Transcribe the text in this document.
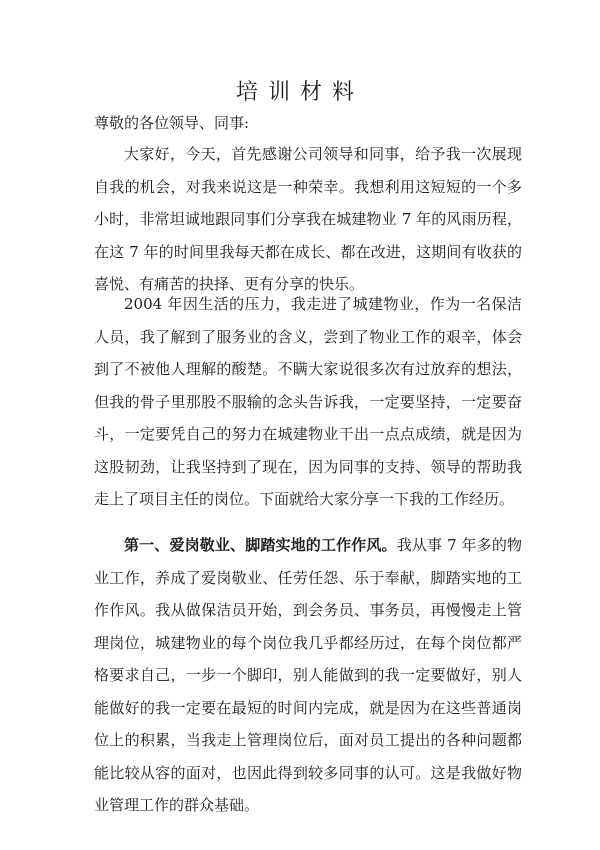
培训材料

尊敬的各位领导、同事:

大家好，今天，首先感谢公司领导和同事，给予我一次展现自我的机会，对我来说这是一种荣幸。我想利用这短短的一个多小时，非常坦诚地跟同事们分享我在城建物业 7 年的风雨历程，在这 7 年的时间里我每天都在成长、都在改进，这期间有收获的喜悦、有痛苦的抉择、更有分享的快乐。

2004 年因生活的压力，我走进了城建物业，作为一名保洁人员，我了解到了服务业的含义，尝到了物业工作的艰辛，体会到了不被他人理解的酸楚。不瞒大家说很多次有过放弃的想法，但我的骨子里那股不服输的念头告诉我，一定要坚持，一定要奋斗，一定要凭自己的努力在城建物业干出一点点成绩，就是因为这股韧劲，让我坚持到了现在，因为同事的支持、领导的帮助我走上了项目主任的岗位。下面就给大家分享一下我的工作经历。

第一、爱岗敬业、脚踏实地的工作作风。我从事 7 年多的物业工作，养成了爱岗敬业、任劳任怨、乐于奉献，脚踏实地的工作作风。我从做保洁员开始，到会务员、事务员，再慢慢走上管理岗位，城建物业的每个岗位我几乎都经历过，在每个岗位都严格要求自己，一步一个脚印，别人能做到的我一定要做好，别人能做好的我一定要在最短的时间内完成，就是因为在这些普通岗位上的积累，当我走上管理岗位后，面对员工提出的各种问题都能比较从容的面对，也因此得到较多同事的认可。这是我做好物业管理工作的群众基础。
